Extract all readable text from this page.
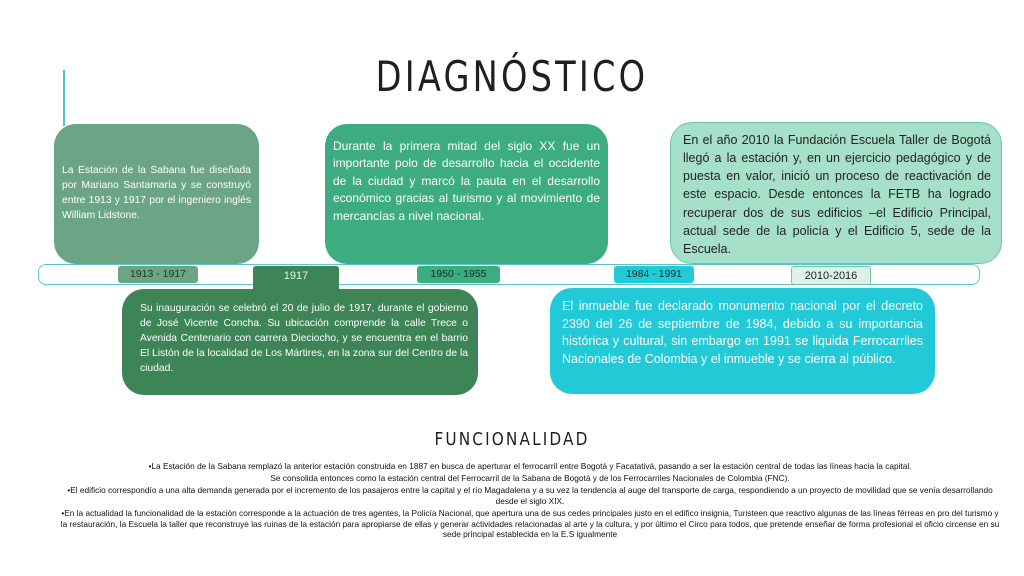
DIAGNÓSTICO
La Estación de la Sabana fue diseñada por Mariano Santamaría y se construyó entre 1913 y 1917 por el ingeniero inglés William Lidstone.
Durante la primera mitad del siglo XX fue un importante polo de desarrollo hacia el occidente de la ciudad y marcó la pauta en el desarrollo económico gracias al turismo y al movimiento de mercancías a nivel nacional.
En el año 2010 la Fundación Escuela Taller de Bogotá llegó a la estación y, en un ejercicio pedagógico y de puesta en valor, inició un proceso de reactivación de este espacio. Desde entonces la FETB ha logrado recuperar dos de sus edificios –el Edificio Principal, actual sede de la policía y el Edificio 5, sede de la Escuela.
Su inauguración se celebró el 20 de julio de 1917, durante el gobierno de José Vicente Concha. Su ubicación comprende la calle Trece o Avenida Centenario con carrera Dieciocho, y se encuentra en el barrio El Listón de la localidad de Los Mártires, en la zona sur del Centro de la ciudad.
El inmueble fue declarado monumento nacional por el decreto 2390 del 26 de septiembre de 1984, debido a su importancia histórica y cultural, sin embargo en 1991 se liquida Ferrocarriles Nacionales de Colombia y el inmueble y se cierra al público.
1913 - 1917	1917	1950 - 1955	1984 - 1991	2010-2016
FUNCIONALIDAD

•La Estación de la Sabana remplazó la anterior estación construida en 1887 en busca de aperturar el ferrocarril entre Bogotá y Facatativá, pasando a ser la estación central de todas las líneas hacia la capital.

Se consolida entonces como la estación central del Ferrocarril de la Sabana de Bogotá y de los Ferrocarriles Nacionales de Colombia (FNC).

•El edificio correspondío a una alta demanda generada por el incremento de los pasajeros entre la capital y el río Magadalena y a su vez la tendencia al auge del transporte de carga, respondiendo a un proyecto de movilidad que se venía desarrollando desde el siglo XIX.

•En la actualidad la funcionalidad de la estación corresponde a la actuación de tres agentes, la Policía Nacional, que apertura una de sus cedes principales justo en el edifico insignia, Turisteen que reactivo algunas de las líneas férreas en pro del turismo y la restauración, la Escuela la taller que reconstruye las ruinas de la estación para apropiarse de ellas y generar actividades relacionadas al arte y la cultura, y por último el Circo para todos, que pretende enseñar de forma profesional el oficio circense en su sede principal establecida en la E.S igualmente
